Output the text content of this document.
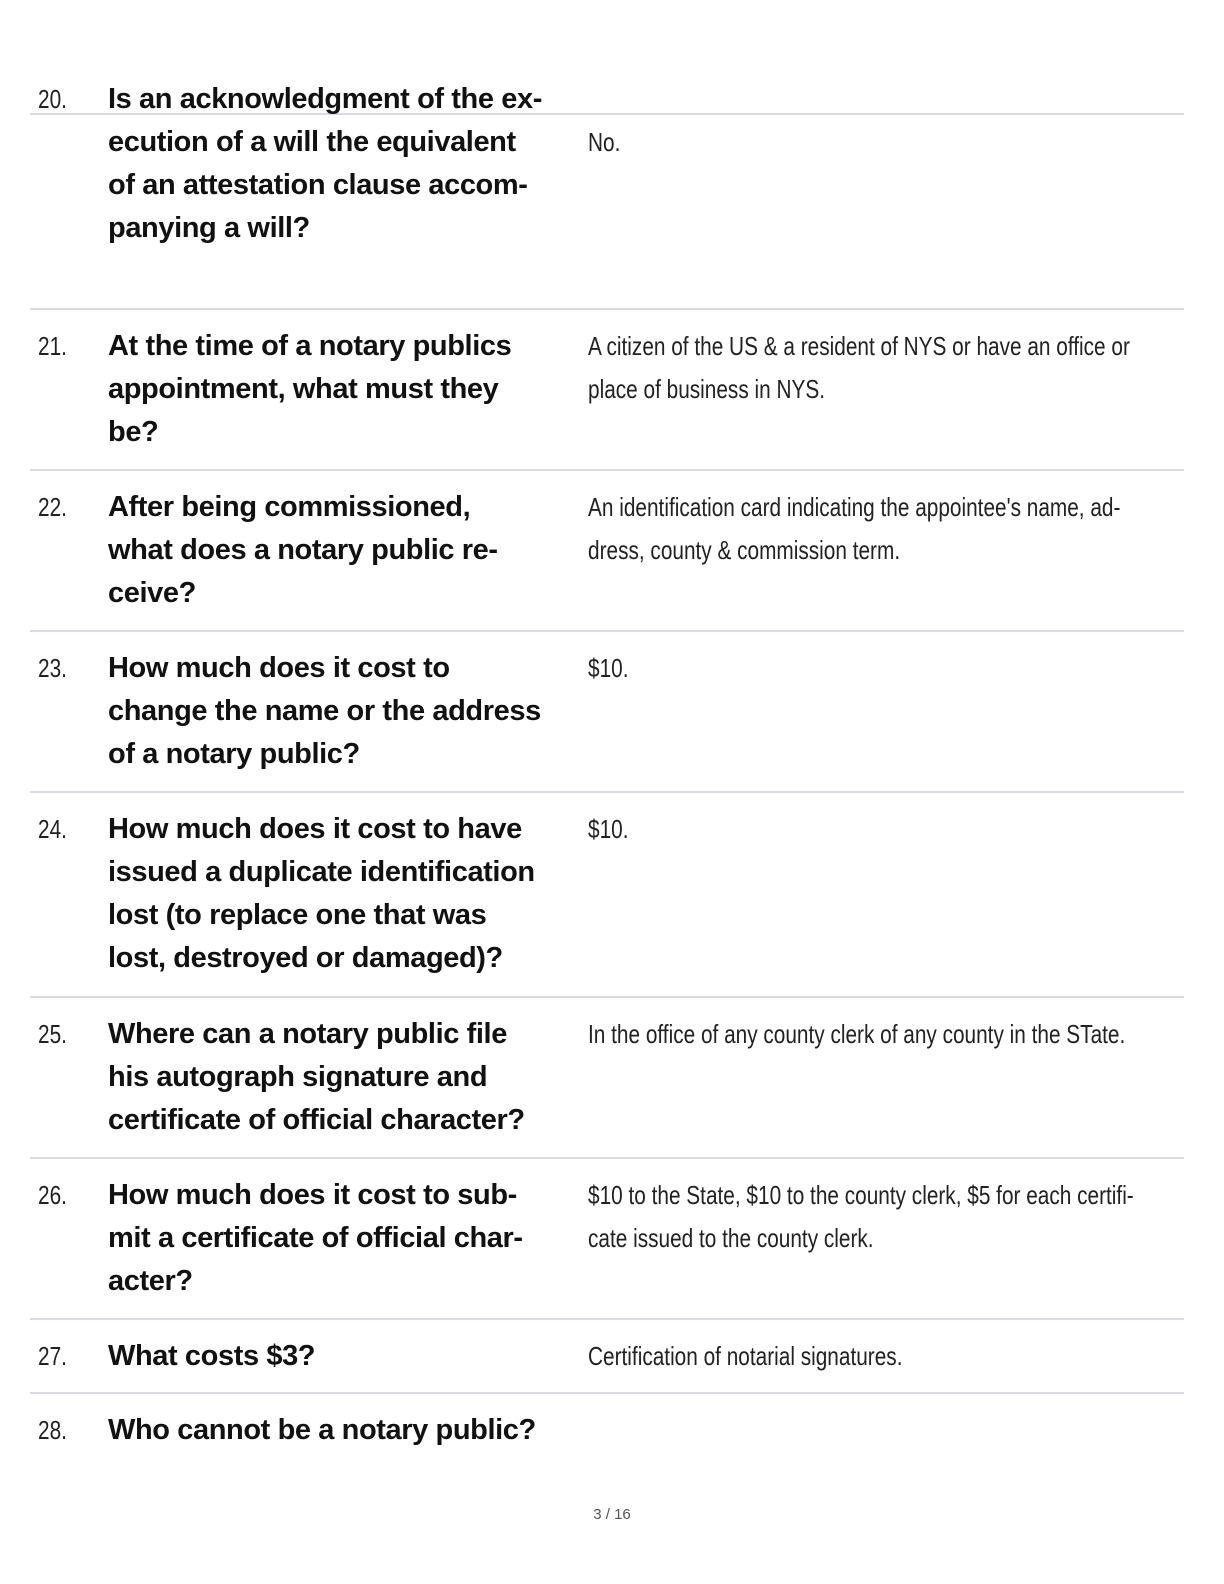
20. Is an acknowledgment of the ex-
ecution of a will the equivalent
of an attestation clause accom-
panying a will?
No.
21. At the time of a notary publics
appointment, what must they
be?
A citizen of the US & a resident of NYS or have an office or
place of business in NYS.
22. After being commissioned,
what does a notary public re-
ceive?
An identification card indicating the appointee's name, ad-
dress, county & commission term.
23. How much does it cost to
change the name or the address
of a notary public?
$10.
24. How much does it cost to have
issued a duplicate identification
lost (to replace one that was
lost, destroyed or damaged)?
$10.
25. Where can a notary public file
his autograph signature and
certificate of official character?
In the office of any county clerk of any county in the STate.
26. How much does it cost to sub-
mit a certificate of official char-
acter?
$10 to the State, $10 to the county clerk, $5 for each certifi-
cate issued to the county clerk.
27. What costs $3?	Certification of notarial signatures.
28. Who cannot be a notary public?
3 / 16
